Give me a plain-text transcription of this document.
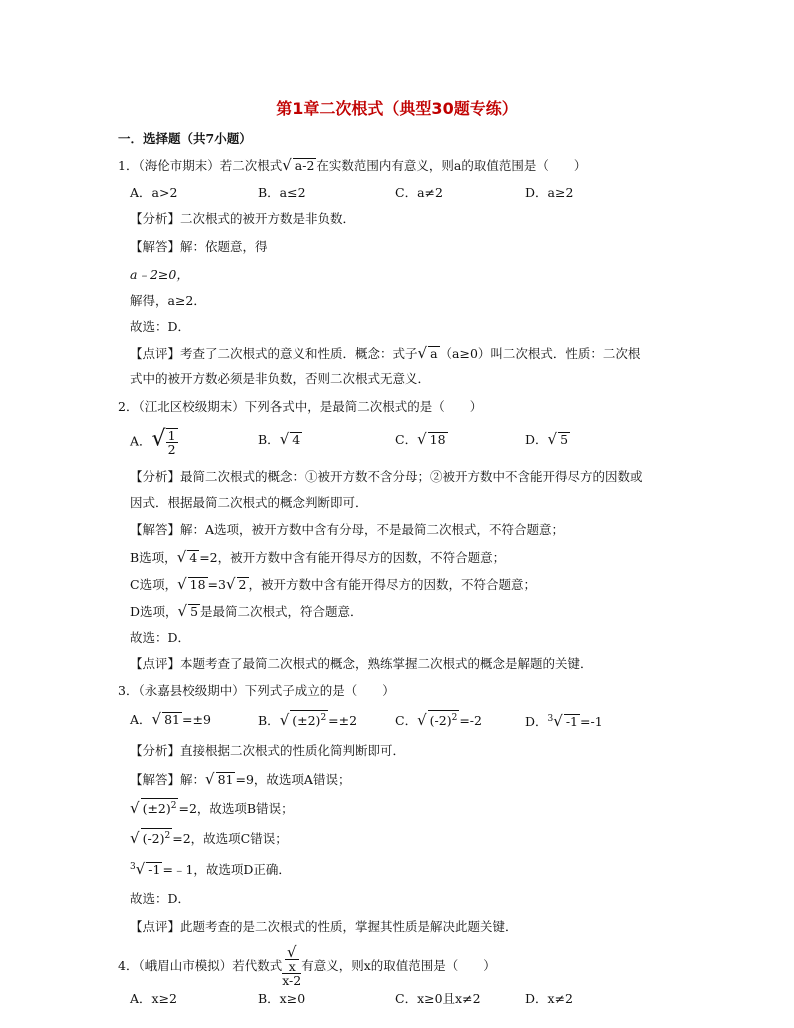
第1章二次根式（典型30题专练）
一．选择题（共7小题）
1．（海伦市期末）若二次根式√ a-2 在实数范围内有意义，则a的取值范围是（　　）
A．a>2	B．a≤2	C．a≠2	D．a≥2
【分析】二次根式的被开方数是非负数．
【解答】解：依题意，得
a﹣2≥0，
解得，a≥2．
故选：D．
【点评】考查了二次根式的意义和性质．概念：式子√ a （a≥0）叫二次根式．性质：二次根
式中的被开方数必须是非负数，否则二次根式无意义．
2．（江北区校级期末）下列各式中，是最简二次根式的是（　　）
A．√ $\frac{1}{2}$	B．√ 4	C．√ 18	D．√ 5
【分析】最简二次根式的概念：①被开方数不含分母；②被开方数中不含能开得尽方的因数或
因式．根据最简二次根式的概念判断即可．
【解答】解：A选项，被开方数中含有分母，不是最简二次根式，不符合题意；
B选项，√ 4 =2，被开方数中含有能开得尽方的因数，不符合题意；
C选项，√ 18 =3√ 2 ，被开方数中含有能开得尽方的因数，不符合题意；
D选项，√ 5 是最简二次根式，符合题意．
故选：D．
【点评】本题考查了最简二次根式的概念，熟练掌握二次根式的概念是解题的关键．
3．（永嘉县校级期中）下列式子成立的是（　　）
A．√ 81 =±9	B．√ $(\pm 2)^2 =\pm 2$	C．√ $(-2)^2 =-2$	D．$^3$√ -1 =-1
【分析】直接根据二次根式的性质化简判断即可．
【解答】解：√ 81 =9，故选项A错误；
√ $(\pm 2)^2 =2$，故选项B错误；
√ $(-2)^2 =2$，故选项C错误；
$^3$√ -1 =﹣1，故选项D正确．
故选：D．
【点评】此题考查的是二次根式的性质，掌握其性质是解决此题关键．
4．（峨眉山市模拟）若代数式 √
x
x-2 有意义，则x的取值范围是（　　）
A．x≥2	B．x≥0	C．x≥0且x≠2	D．x≠2
